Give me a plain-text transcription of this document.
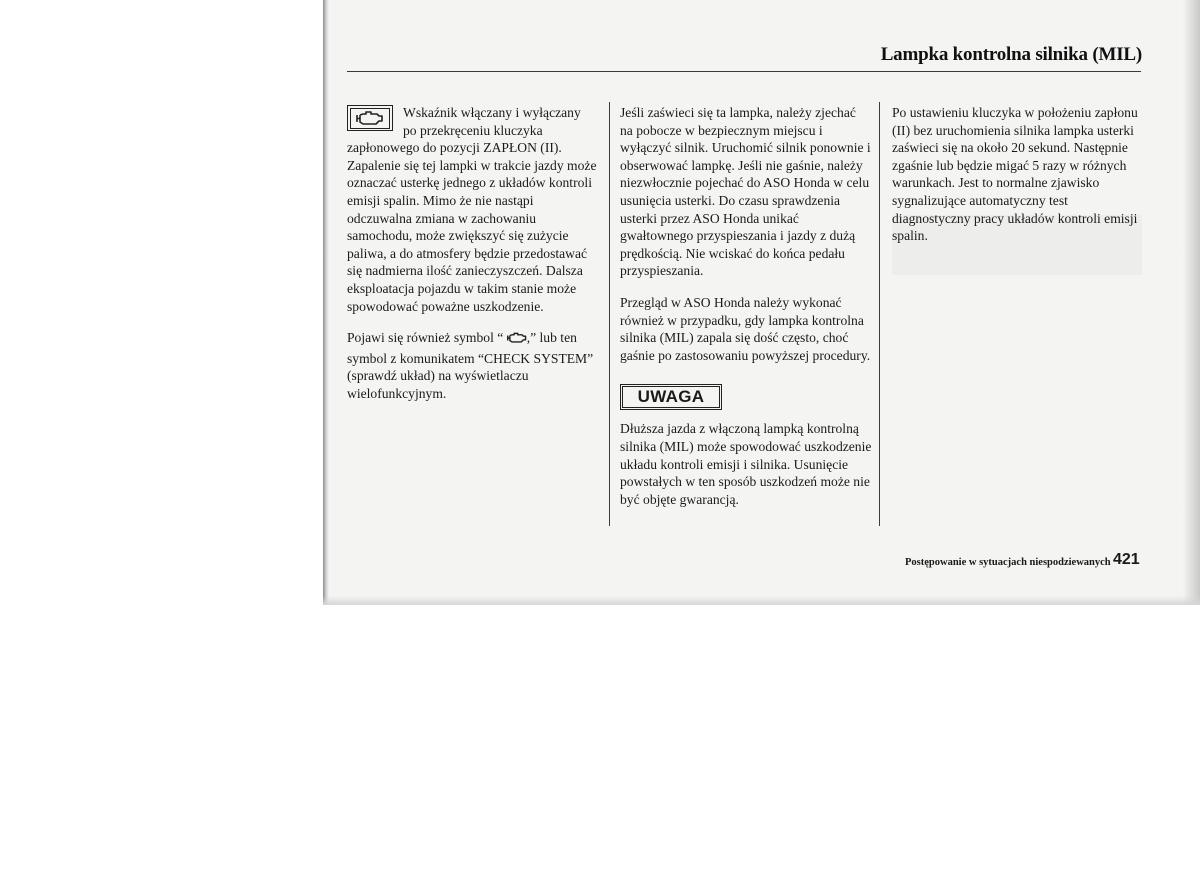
Lampka kontrolna silnika (MIL)

Wskaźnik włączany i wyłączany po przekręceniu kluczyka zapłonowego do pozycji ZAPŁON (II). Zapalenie się tej lampki w trakcie jazdy może oznaczać usterkę jednego z układów kontroli emisji spalin. Mimo że nie nastąpi odczuwalna zmiana w zachowaniu samochodu, może zwiększyć się zużycie paliwa, a do atmosfery będzie przedostawać się nadmierna ilość zanieczyszczeń. Dalsza eksploatacja pojazdu w takim stanie może spowodować poważne uszkodzenie.

Pojawi się również symbol “ ,” lub ten symbol z komunikatem “CHECK SYSTEM” (sprawdź układ) na wyświetlaczu wielofunkcyjnym.

Jeśli zaświeci się ta lampka, należy zjechać na pobocze w bezpiecznym miejscu i wyłączyć silnik. Uruchomić silnik ponownie i obserwować lampkę. Jeśli nie gaśnie, należy niezwłocznie pojechać do ASO Honda w celu usunięcia usterki. Do czasu sprawdzenia usterki przez ASO Honda unikać gwałtownego przyspieszania i jazdy z dużą prędkością. Nie wciskać do końca pedału przyspieszania.

Przegląd w ASO Honda należy wykonać również w przypadku, gdy lampka kontrolna silnika (MIL) zapala się dość często, choć gaśnie po zastosowaniu powyższej procedury.

UWAGA

Dłuższa jazda z włączoną lampką kontrolną silnika (MIL) może spowodować uszkodzenie układu kontroli emisji i silnika. Usunięcie powstałych w ten sposób uszkodzeń może nie być objęte gwarancją.

Po ustawieniu kluczyka w położeniu zapłonu (II) bez uruchomienia silnika lampka usterki zaświeci się na około 20 sekund. Następnie zgaśnie lub będzie migać 5 razy w różnych warunkach. Jest to normalne zjawisko sygnalizujące automatyczny test diagnostyczny pracy układów kontroli emisji spalin.

Postępowanie w sytuacjach niespodziewanych 421
